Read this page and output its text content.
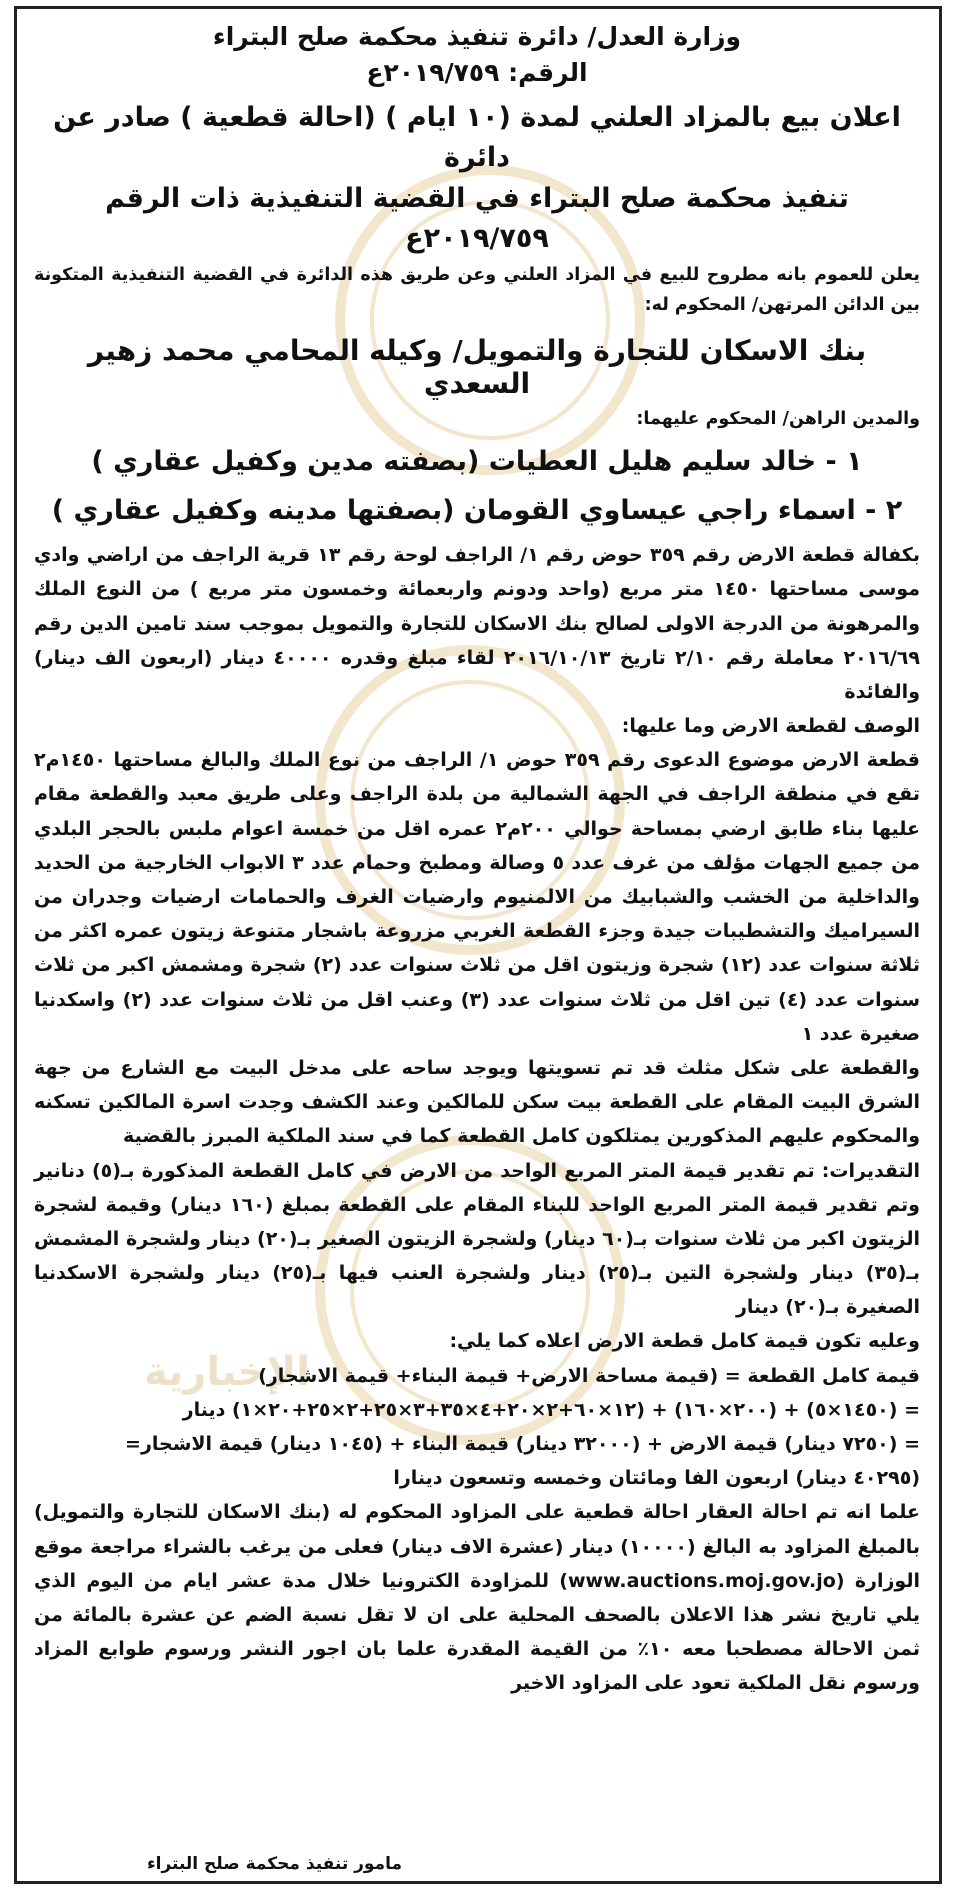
الإخبارية

وزارة العدل/ دائرة تنفيذ محكمة صلح البتراء

الرقم: ٢٠١٩/٧٥٩ع

اعلان بيع بالمزاد العلني لمدة (١٠ ايام ) (احالة قطعية ) صادر عن دائرة

تنفيذ محكمة صلح البتراء في القضية التنفيذية ذات الرقم ٢٠١٩/٧٥٩ع

يعلن للعموم بانه مطروح للبيع في المزاد العلني وعن طريق هذه الدائرة في القضية التنفيذية المتكونة بين الدائن المرتهن/ المحكوم له:

بنك الاسكان للتجارة والتمويل/ وكيله المحامي محمد زهير السعدي

والمدين الراهن/ المحكوم عليهما:

١ - خالد سليم هليل العطيات (بصفته مدين وكفيل عقاري )

٢ - اسماء راجي عيساوي القومان (بصفتها مدينه وكفيل عقاري )

بكفالة قطعة الارض رقم ٣٥٩ حوض رقم ١/ الراجف لوحة رقم ١٣ قرية الراجف من اراضي وادي موسى مساحتها ١٤٥٠ متر مربع (واحد ودونم واربعمائة وخمسون متر مربع ) من النوع الملك والمرهونة من الدرجة الاولى لصالح بنك الاسكان للتجارة والتمويل بموجب سند تامين الدين رقم ٢٠١٦/٦٩ معاملة رقم ٢/١٠ تاريخ ٢٠١٦/١٠/١٣ لقاء مبلغ وقدره ٤٠٠٠٠ دينار (اربعون الف دينار) والفائدة

الوصف لقطعة الارض وما عليها:

قطعة الارض موضوع الدعوى رقم ٣٥٩ حوض ١/ الراجف من نوع الملك والبالغ مساحتها ١٤٥٠م٢ تقع في منطقة الراجف في الجهة الشمالية من بلدة الراجف وعلى طريق معبد والقطعة مقام عليها بناء طابق ارضي بمساحة حوالي ٢٠٠م٢ عمره اقل من خمسة اعوام ملبس بالحجر البلدي من جميع الجهات مؤلف من غرف عدد ٥ وصالة ومطبخ وحمام عدد ٣ الابواب الخارجية من الحديد والداخلية من الخشب والشبابيك من الالمنيوم وارضيات الغرف والحمامات ارضيات وجدران من السيراميك والتشطيبات جيدة وجزء القطعة الغربي مزروعة باشجار متنوعة زيتون عمره اكثر من ثلاثة سنوات عدد (١٢) شجرة وزيتون اقل من ثلاث سنوات عدد (٢) شجرة ومشمش اكبر من ثلاث سنوات عدد (٤) تين اقل من ثلاث سنوات عدد (٣) وعنب اقل من ثلاث سنوات عدد (٢) واسكدنيا صغيرة عدد ١

والقطعة على شكل مثلث قد تم تسويتها ويوجد ساحه على مدخل البيت مع الشارع من جهة الشرق البيت المقام على القطعة بيت سكن للمالكين وعند الكشف وجدت اسرة المالكين تسكنه والمحكوم عليهم المذكورين يمتلكون كامل القطعة كما في سند الملكية المبرز بالقضية

التقديرات: تم تقدير قيمة المتر المربع الواحد من الارض في كامل القطعة المذكورة بـ(٥) دنانير وتم تقدير قيمة المتر المربع الواحد للبناء المقام على القطعة بمبلغ (١٦٠ دينار) وقيمة لشجرة الزيتون اكبر من ثلاث سنوات بـ(٦٠ دينار) ولشجرة الزيتون الصغير بـ(٢٠) دينار ولشجرة المشمش بـ(٣٥) دينار ولشجرة التين بـ(٢٥) دينار ولشجرة العنب فيها بـ(٢٥) دينار ولشجرة الاسكدنيا الصغيرة بـ(٢٠) دينار

وعليه تكون قيمة كامل قطعة الارض اعلاه كما يلي:

قيمة كامل القطعة = (قيمة مساحة الارض+ قيمة البناء+ قيمة الاشجار)

= (١٤٥٠×٥) + (٢٠٠×١٦٠) + (١٢×٦٠+٢×٢٠+٤×٣٥+٣×٢٥+٢×٢٥+٢٠×١) دينار

= (٧٢٥٠ دينار) قيمة الارض + (٣٢٠٠٠ دينار) قيمة البناء + (١٠٤٥ دينار) قيمة الاشجار=

(٤٠٢٩٥ دينار) اربعون الفا ومائتان وخمسه وتسعون دينارا

علما انه تم احالة العقار احالة قطعية على المزاود المحكوم له (بنك الاسكان للتجارة والتمويل) بالمبلغ المزاود به البالغ (١٠٠٠٠) دينار (عشرة الاف دينار) فعلى من يرغب بالشراء مراجعة موقع الوزارة (www.auctions.moj.gov.jo) للمزاودة الكترونيا خلال مدة عشر ايام من اليوم الذي يلي تاريخ نشر هذا الاعلان بالصحف المحلية على ان لا تقل نسبة الضم عن عشرة بالمائة من ثمن الاحالة مصطحبا معه ١٠٪ من القيمة المقدرة علما بان اجور النشر ورسوم طوابع المزاد ورسوم نقل الملكية تعود على المزاود الاخير

مامور تنفيذ محكمة صلح البتراء
